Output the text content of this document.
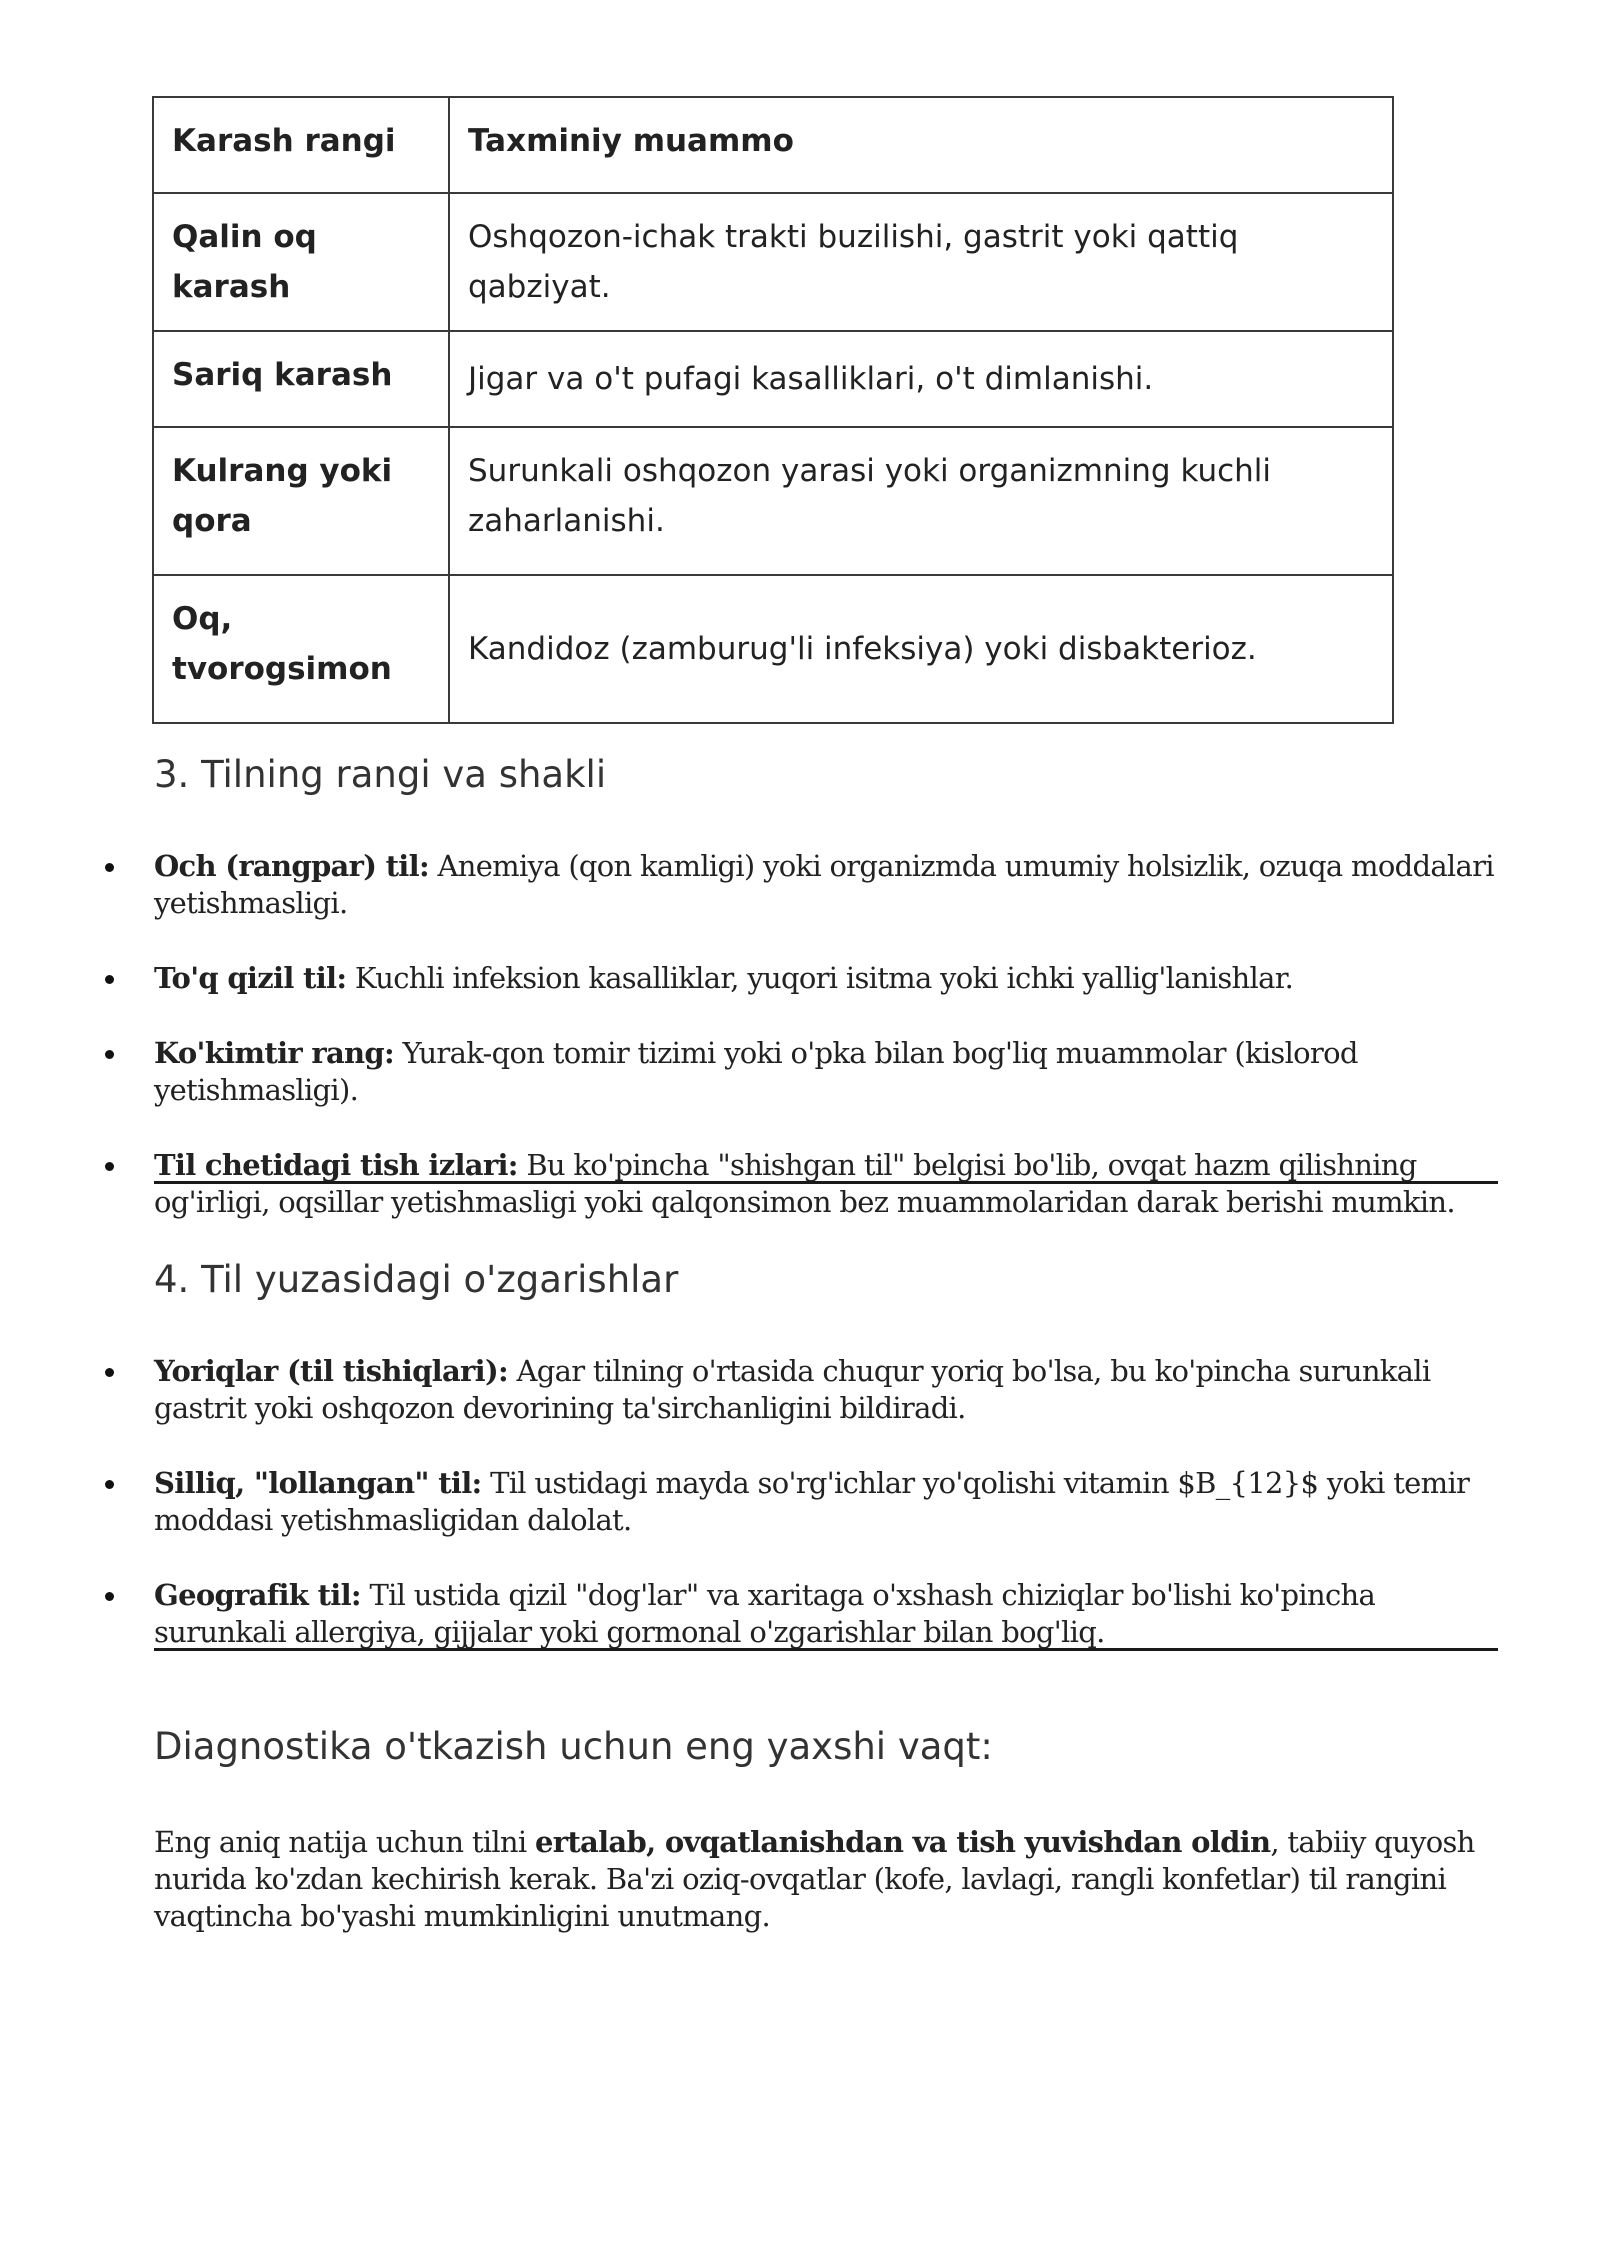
Karash rangi	Taxminiy muammo
Qalin oq karash	Oshqozon-ichak trakti buzilishi, gastrit yoki qattiq qabziyat.
Sariq karash	Jigar va o't pufagi kasalliklari, o't dimlanishi.
Kulrang yoki qora	Surunkali oshqozon yarasi yoki organizmning kuchli zaharlanishi.
Oq, tvorogsimon	Kandidoz (zamburug'li infeksiya) yoki disbakterioz.
3. Tilning rangi va shakli
Och (rangpar) til: Anemiya (qon kamligi) yoki organizmda umumiy holsizlik, ozuqa moddalari yetishmasligi.
To'q qizil til: Kuchli infeksion kasalliklar, yuqori isitma yoki ichki yallig'lanishlar.
Ko'kimtir rang: Yurak-qon tomir tizimi yoki o'pka bilan bog'liq muammolar (kislorod yetishmasligi).
Til chetidagi tish izlari: Bu ko'pincha "shishgan til" belgisi bo'lib, ovqat hazm qilishning og'irligi, oqsillar yetishmasligi yoki qalqonsimon bez muammolaridan darak berishi mumkin.
4. Til yuzasidagi o'zgarishlar
Yoriqlar (til tishiqlari): Agar tilning o'rtasida chuqur yoriq bo'lsa, bu ko'pincha surunkali gastrit yoki oshqozon devorining ta'sirchanligini bildiradi.
Silliq, "lollangan" til: Til ustidagi mayda so'rg'ichlar yo'qolishi vitamin $B_{12}$ yoki temir moddasi yetishmasligidan dalolat.
Geografik til: Til ustida qizil "dog'lar" va xaritaga o'xshash chiziqlar bo'lishi ko'pincha surunkali allergiya, gijjalar yoki gormonal o'zgarishlar bilan bog'liq.
Diagnostika o'tkazish uchun eng yaxshi vaqt:

Eng aniq natija uchun tilni ertalab, ovqatlanishdan va tish yuvishdan oldin, tabiiy quyosh nurida ko'zdan kechirish kerak. Ba'zi oziq-ovqatlar (kofe, lavlagi, rangli konfetlar) til rangini vaqtincha bo'yashi mumkinligini unutmang.
